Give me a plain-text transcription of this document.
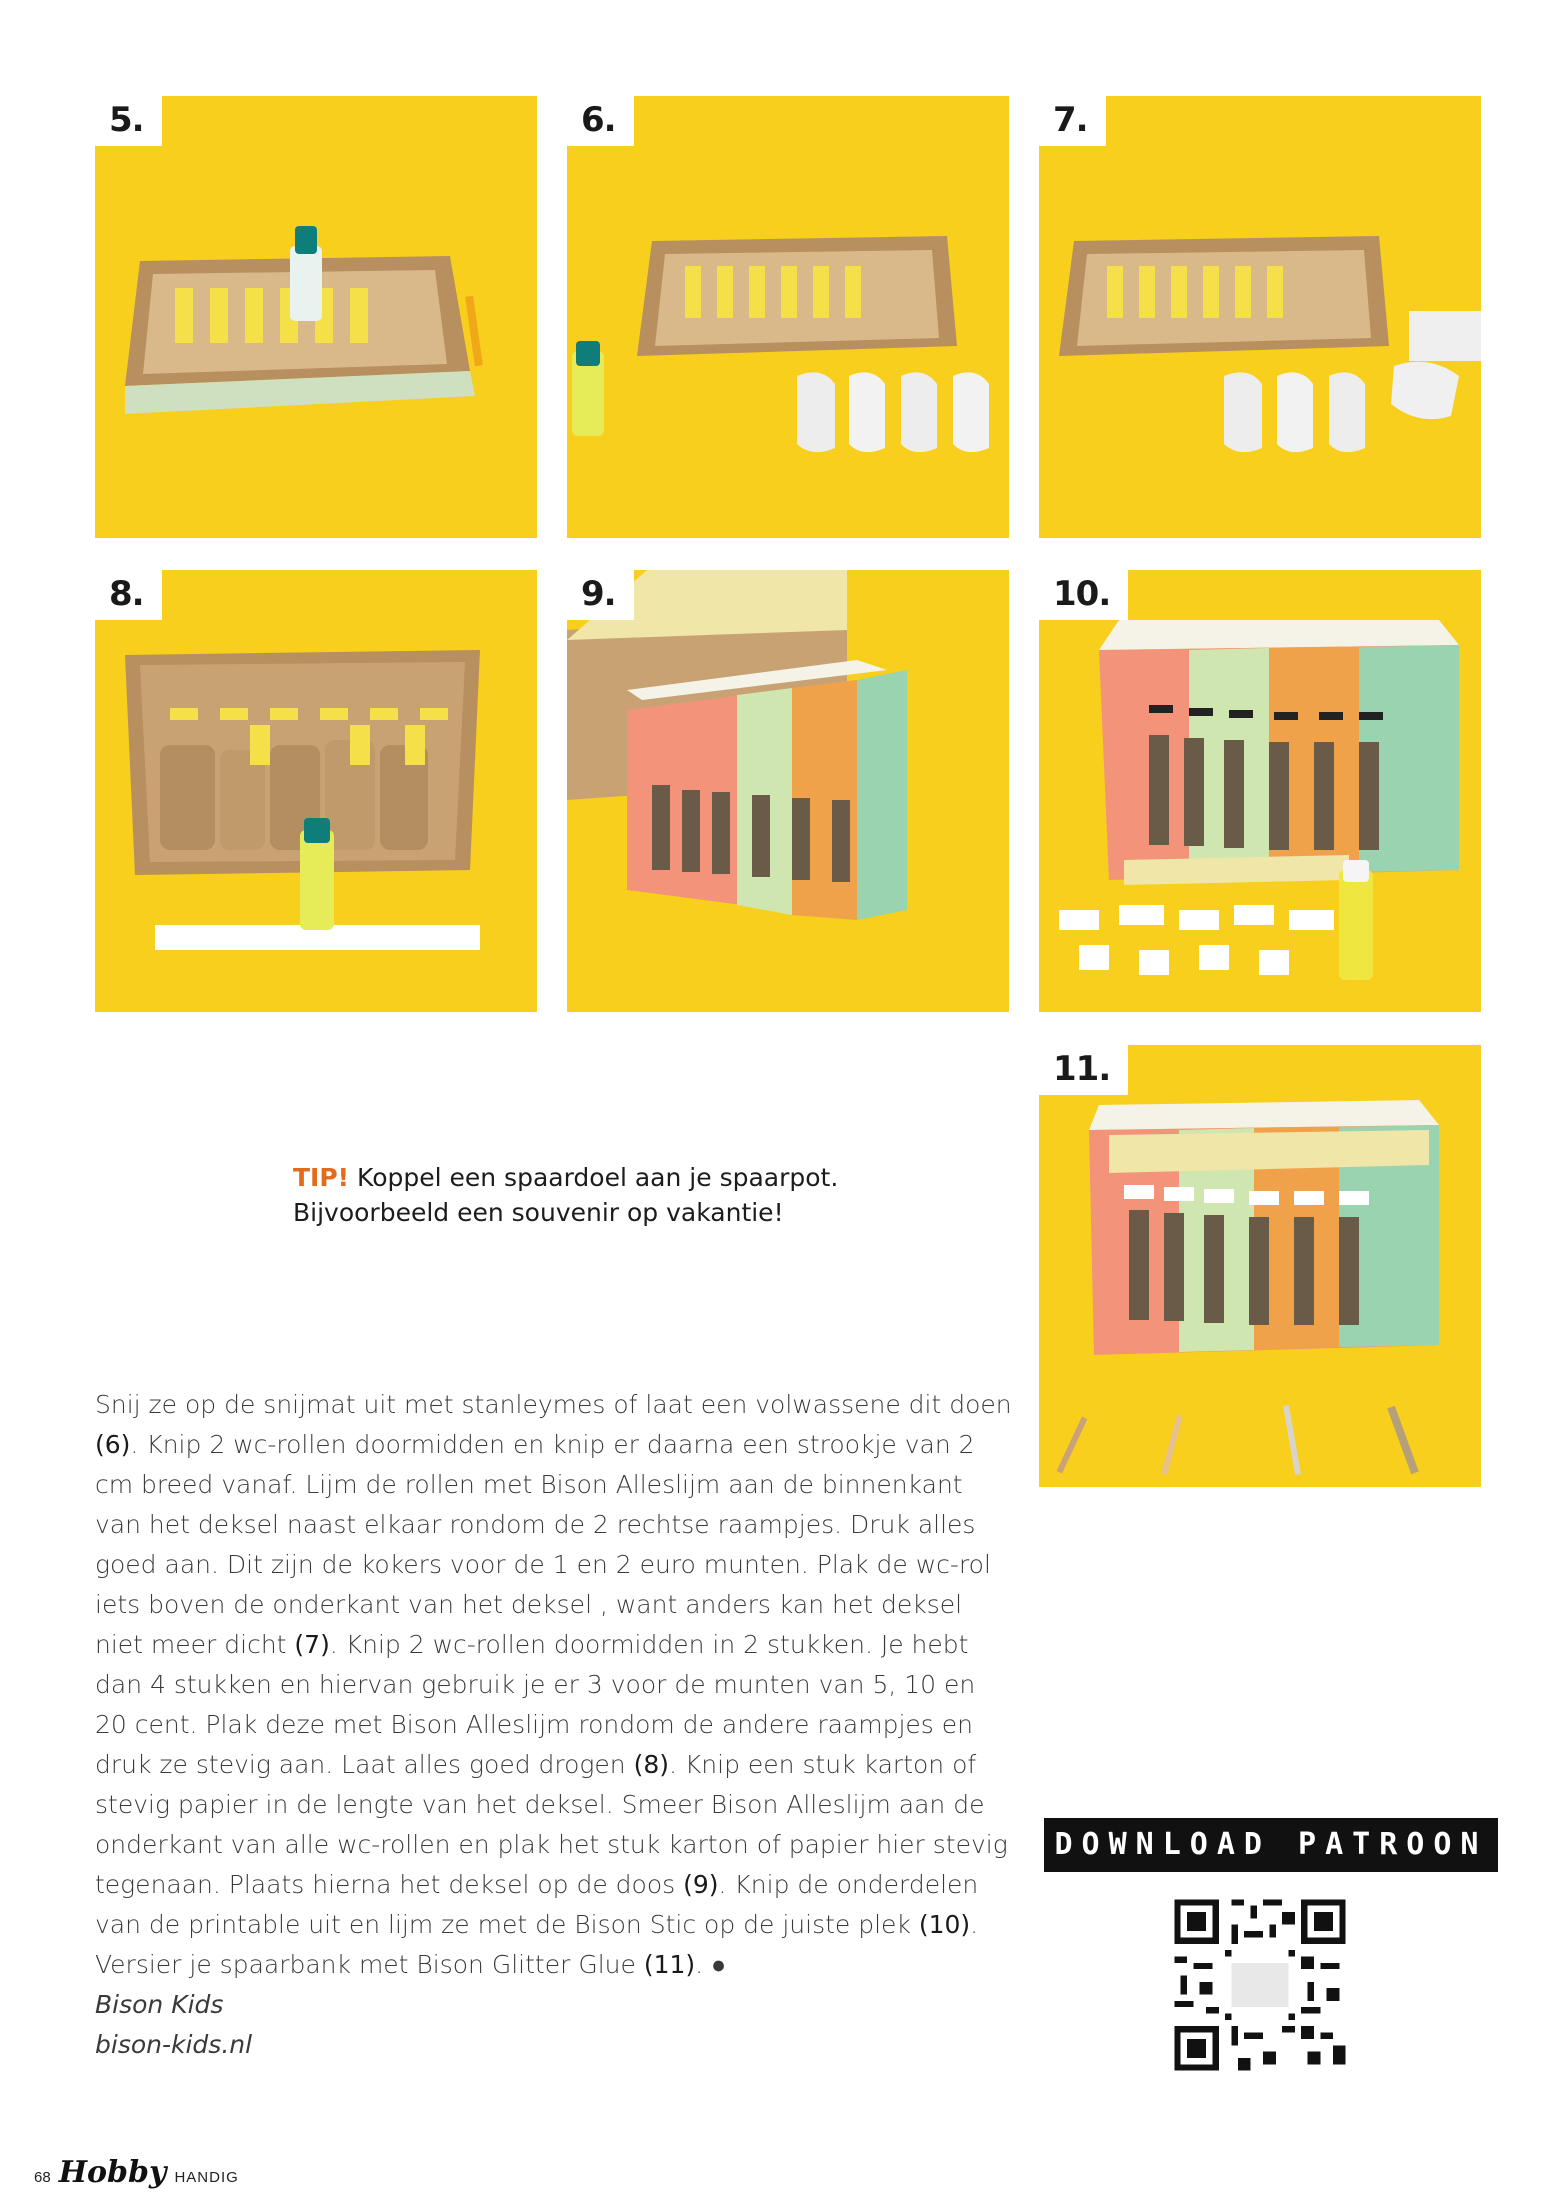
5.	6.	7.
8.	9.	10.
11.
TIP! Koppel een spaardoel aan je spaarpot.
Bijvoorbeeld een souvenir op vakantie!
Snij ze op de snijmat uit met stanleymes of laat een volwassene dit doen (6). Knip 2 wc-rollen doormidden en knip er daarna een strookje van 2 cm breed vanaf. Lijm de rollen met Bison Alleslijm aan de binnenkant van het deksel naast elkaar rondom de 2 rechtse raampjes. Druk alles goed aan. Dit zijn de kokers voor de 1 en 2 euro munten. Plak de wc-rol iets boven de onderkant van het deksel , want anders kan het deksel niet meer dicht (7). Knip 2 wc-rollen doormidden in 2 stukken. Je hebt dan 4 stukken en hiervan gebruik je er 3 voor de munten van 5, 10 en 20 cent. Plak deze met Bison Alleslijm rondom de andere raampjes en druk ze stevig aan. Laat alles goed drogen (8). Knip een stuk karton of stevig papier in de lengte van het deksel. Smeer Bison Alleslijm aan de onderkant van alle wc-rollen en plak het stuk karton of papier hier stevig tegenaan. Plaats hierna het deksel op de doos (9). Knip de onderdelen van de printable uit en lijm ze met de Bison Stic op de juiste plek (10). Versier je spaarbank met Bison Glitter Glue (11). ●
Bison Kids
bison-kids.nl
DOWNLOAD PATROON
68 Hobby HANDIG
